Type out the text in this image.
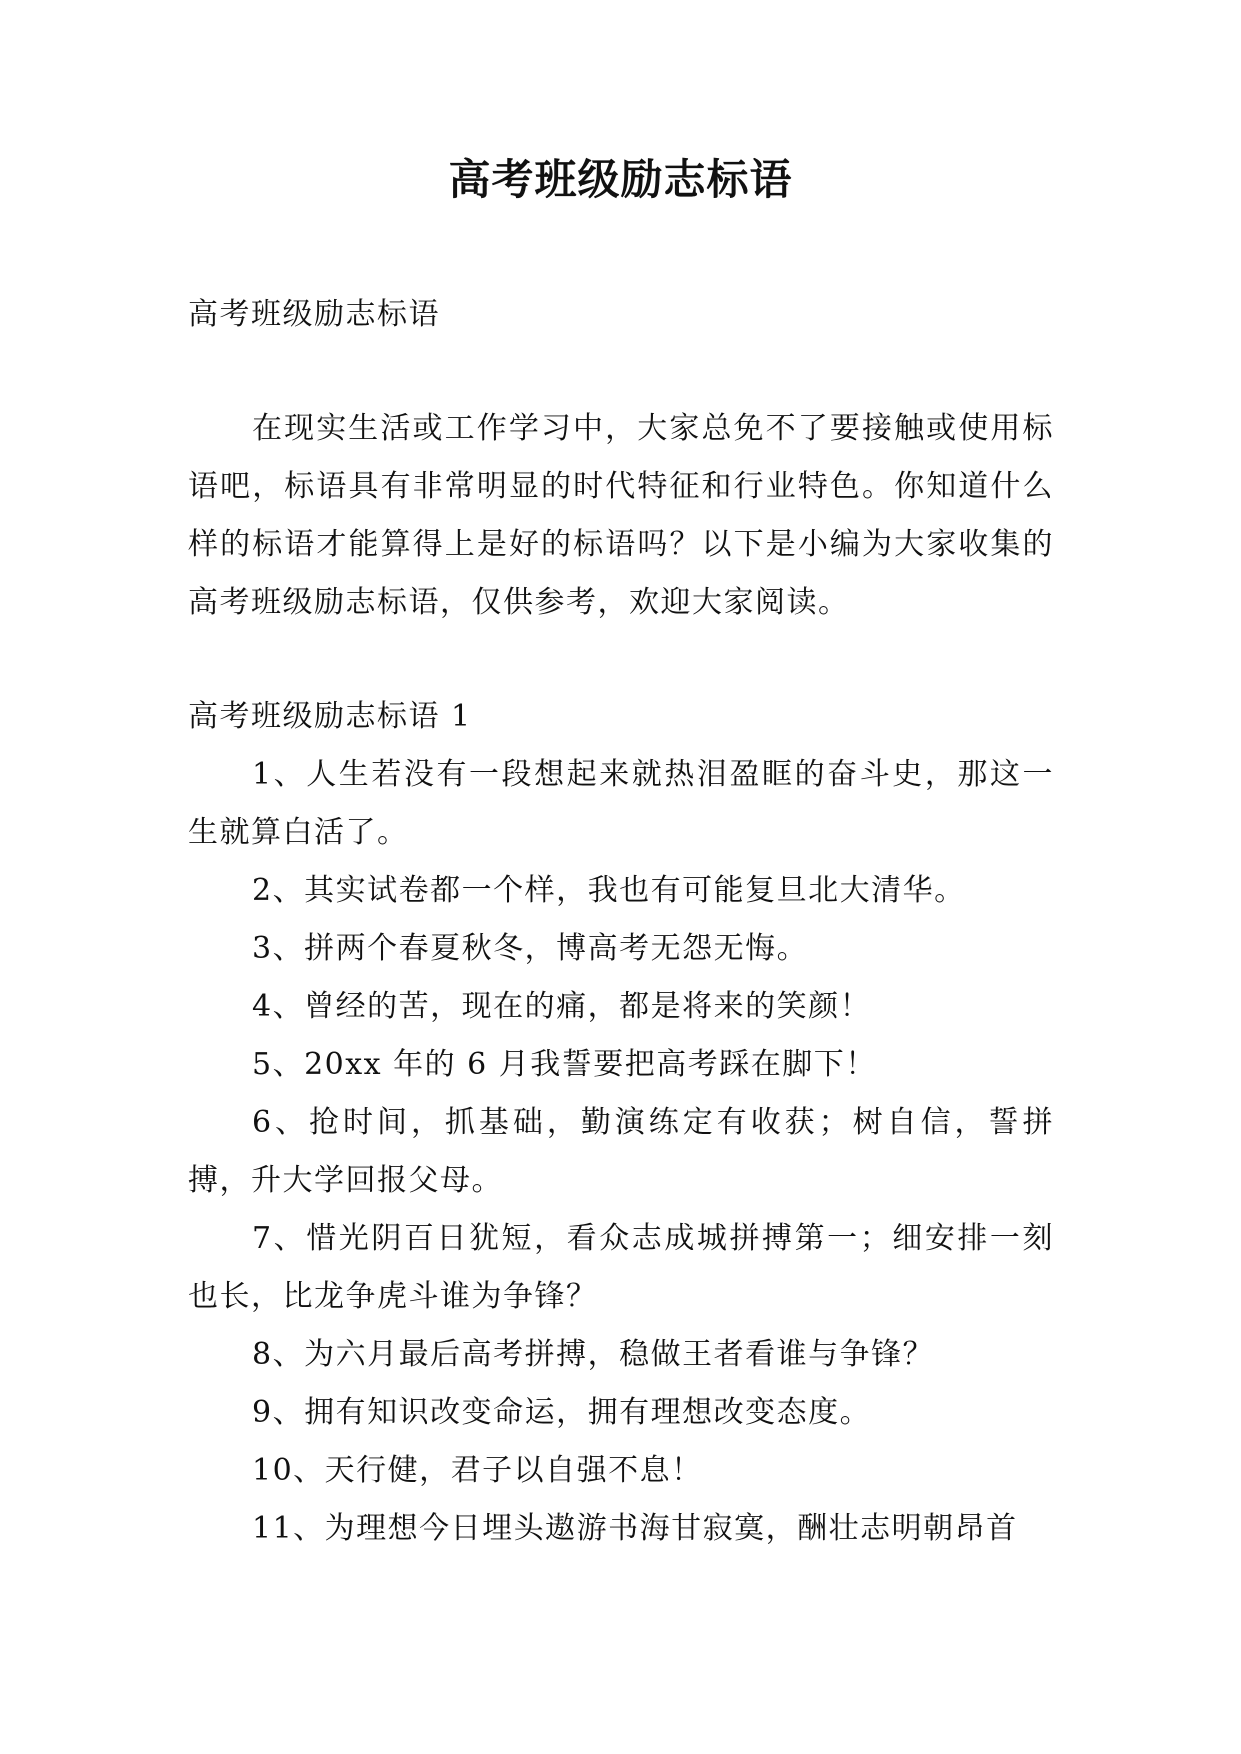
高考班级励志标语

高考班级励志标语

在现实生活或工作学习中，大家总免不了要接触或使用标语吧，标语具有非常明显的时代特征和行业特色。你知道什么样的标语才能算得上是好的标语吗？以下是小编为大家收集的高考班级励志标语，仅供参考，欢迎大家阅读。

高考班级励志标语 1

1、人生若没有一段想起来就热泪盈眶的奋斗史，那这一生就算白活了。
2、其实试卷都一个样，我也有可能复旦北大清华。
3、拼两个春夏秋冬，博高考无怨无悔。
4、曾经的苦，现在的痛，都是将来的笑颜！
5、20xx 年的 6 月我誓要把高考踩在脚下！
6、抢时间，抓基础，勤演练定有收获；树自信，誓拼搏，升大学回报父母。
7、惜光阴百日犹短，看众志成城拼搏第一；细安排一刻也长，比龙争虎斗谁为争锋？
8、为六月最后高考拼搏，稳做王者看谁与争锋？
9、拥有知识改变命运，拥有理想改变态度。
10、天行健，君子以自强不息！
11、为理想今日埋头遨游书海甘寂寞，酬壮志明朝昂首
